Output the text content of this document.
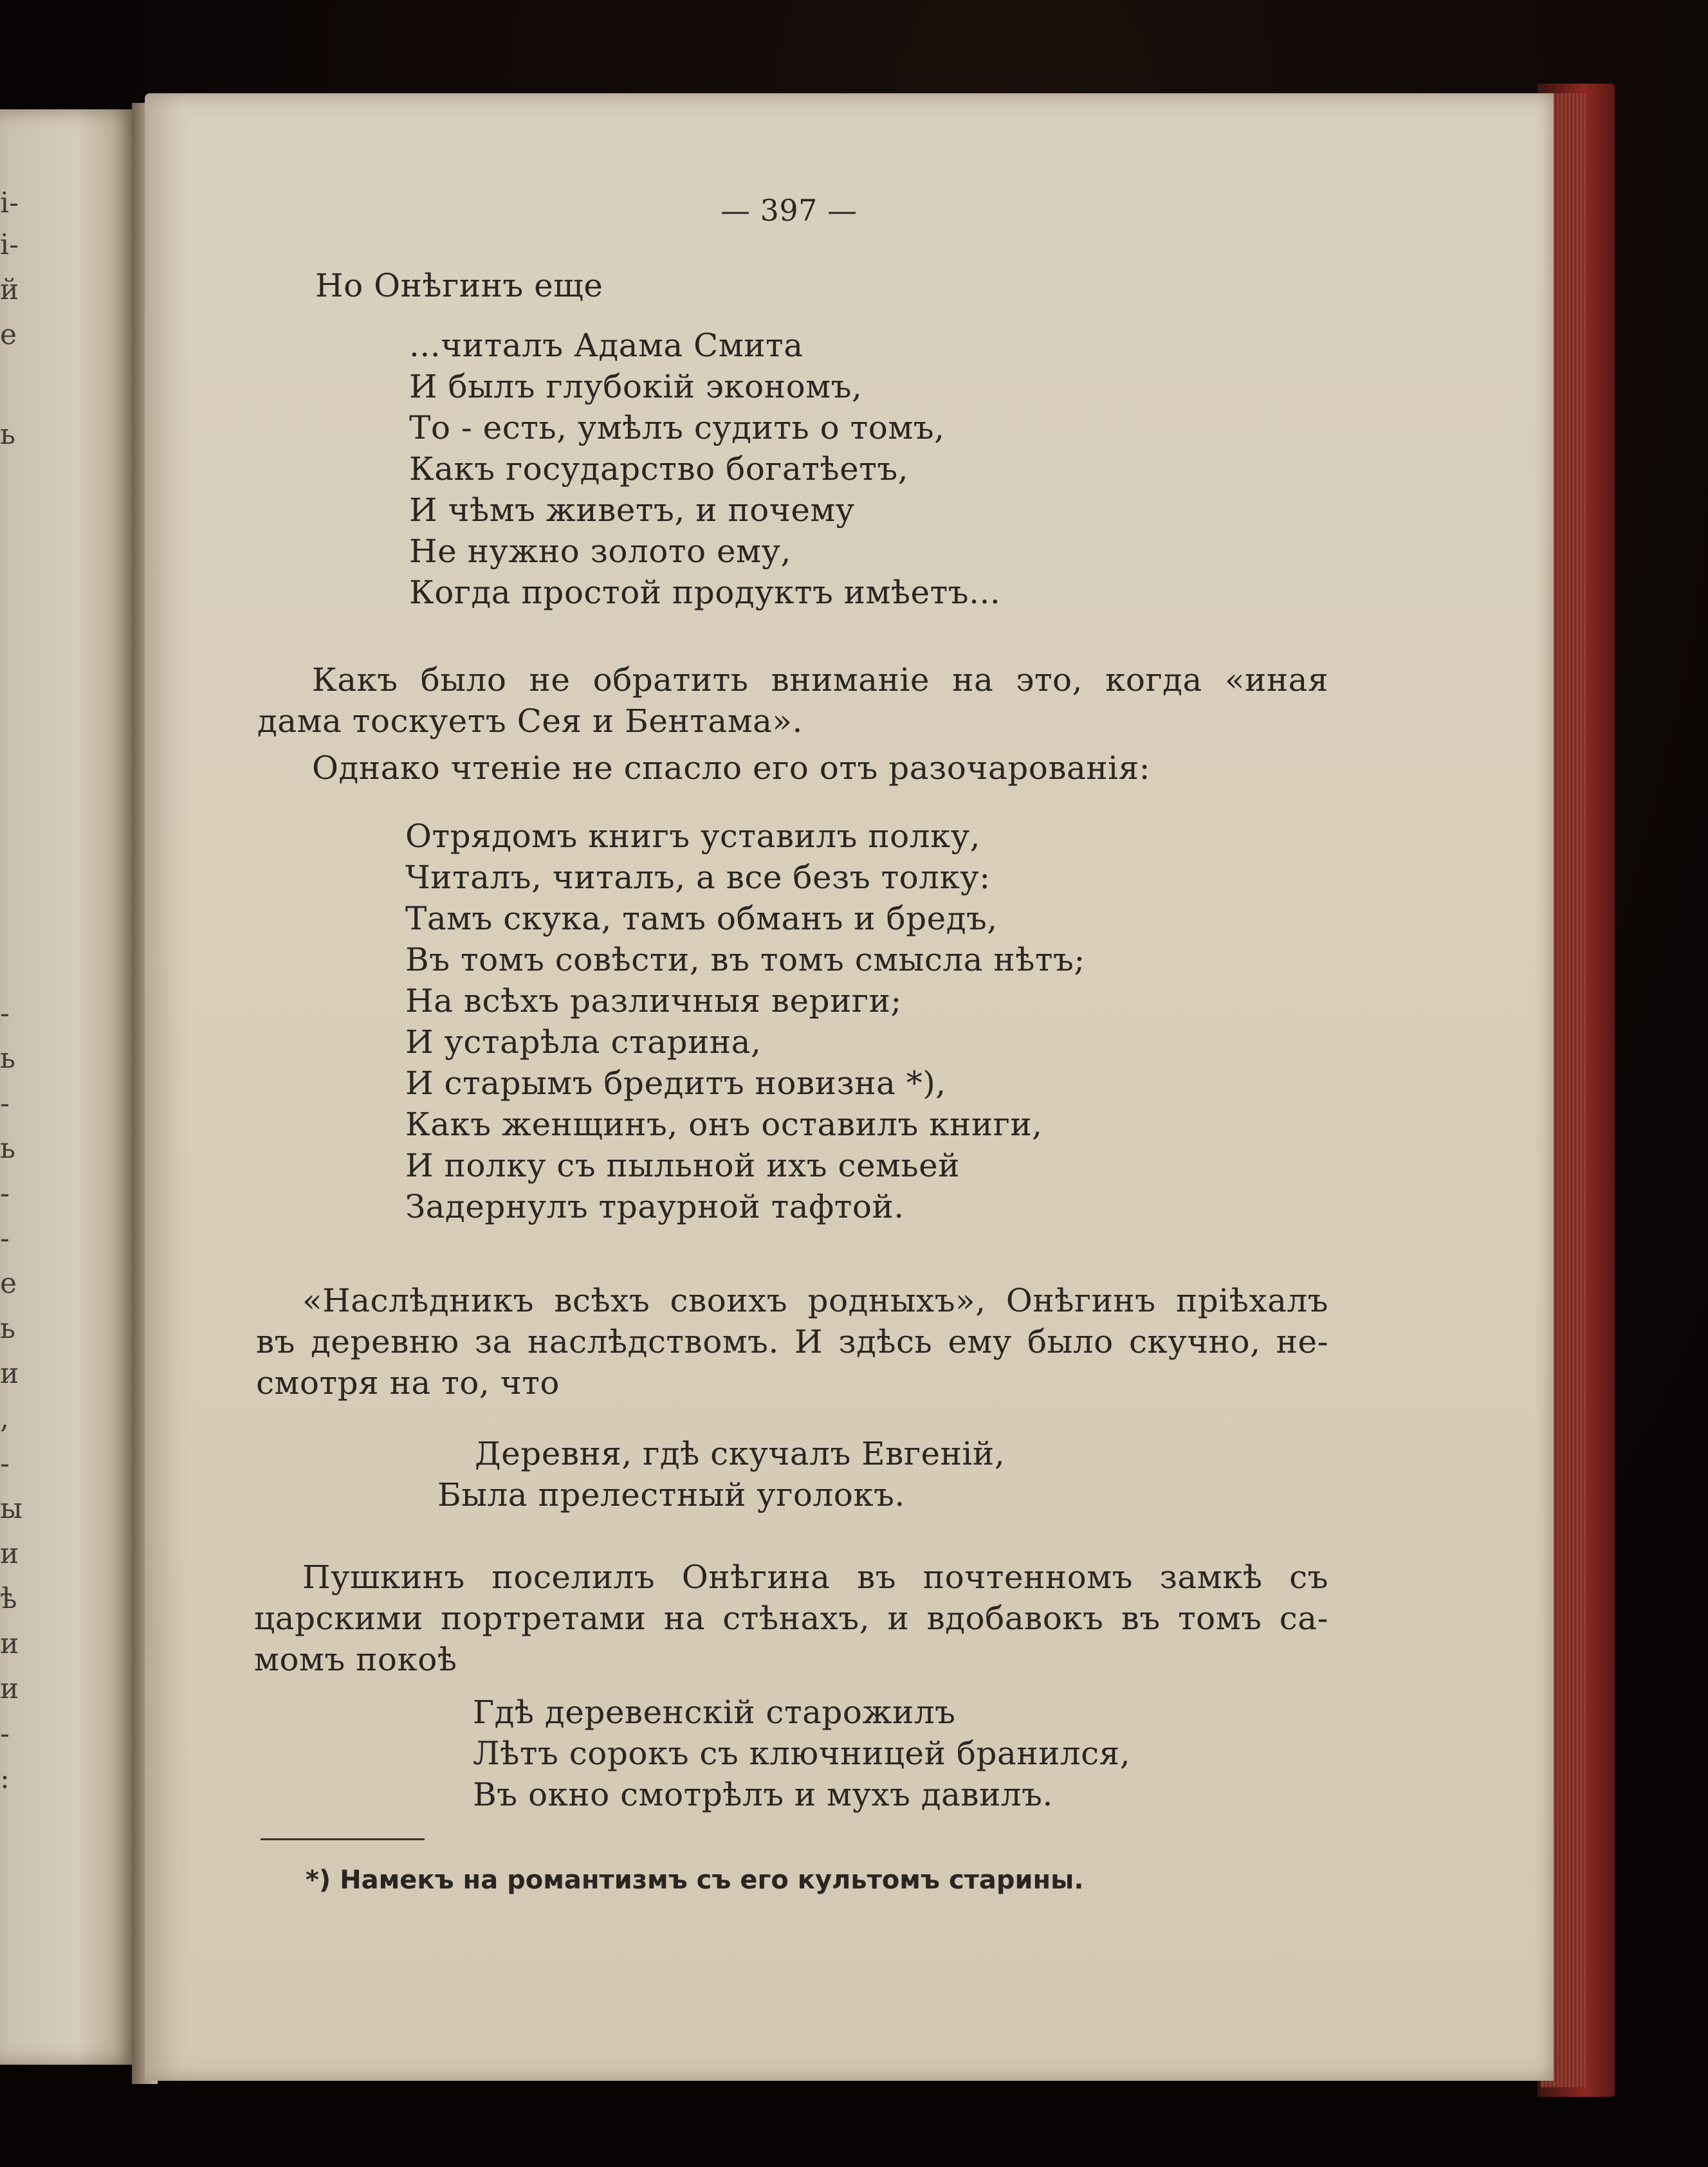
і-
і-
й
е
ь
-
ь
-
ь
-
-
е
ь
и
,
-
ы
и
ѣ
и
и
-
:
— 397 —
Но Онѣгинъ еще
...читалъ Адама Смита
И былъ глубокій экономъ,
То - есть, умѣлъ судить о томъ,
Какъ государство богатѣетъ,
И чѣмъ живетъ, и почему
Не нужно золото ему,
Когда простой продуктъ имѣетъ...
Какъ было не обратить вниманіе на это, когда «иная
дама тоскуетъ Сея и Бентама».
Однако чтеніе не спасло его отъ разочарованія:
Отрядомъ книгъ уставилъ полку,
Читалъ, читалъ, а все безъ толку:
Тамъ скука, тамъ обманъ и бредъ,
Въ томъ совѣсти, въ томъ смысла нѣтъ;
На всѣхъ различныя вериги;
И устарѣла старина,
И старымъ бредитъ новизна *),
Какъ женщинъ, онъ оставилъ книги,
И полку съ пыльной ихъ семьей
Задернулъ траурной тафтой.
«Наслѣдникъ всѣхъ своихъ родныхъ», Онѣгинъ пріѣхалъ
въ деревню за наслѣдствомъ. И здѣсь ему было скучно, не-
смотря на то, что
Деревня, гдѣ скучалъ Евгеній,
Была прелестный уголокъ.
Пушкинъ поселилъ Онѣгина въ почтенномъ замкѣ съ
царскими портретами на стѣнахъ, и вдобавокъ въ томъ са-
момъ покоѣ
Гдѣ деревенскій старожилъ
Лѣтъ сорокъ съ ключницей бранился,
Въ окно смотрѣлъ и мухъ давилъ.
*) Намекъ на романтизмъ съ его культомъ старины.
